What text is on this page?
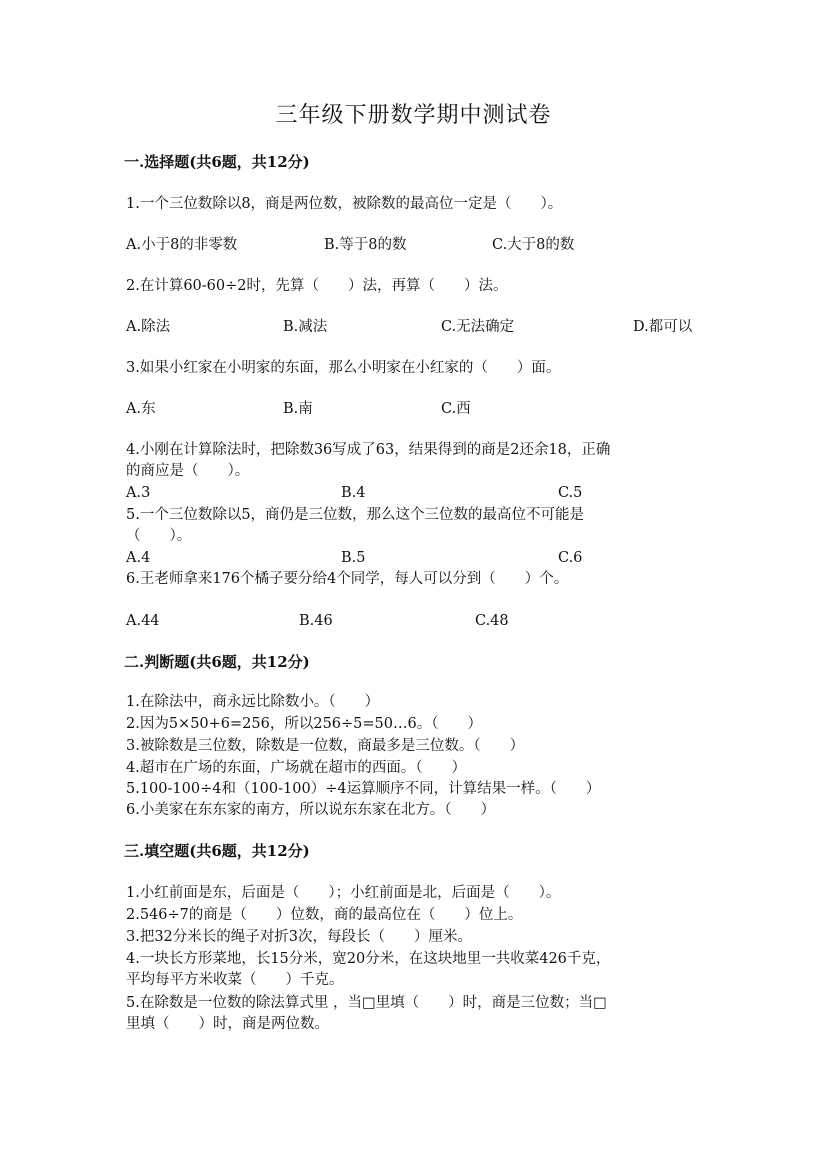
三年级下册数学期中测试卷
一.选择题(共6题，共12分)
1.一个三位数除以8，商是两位数，被除数的最高位一定是（　　）。
A.小于8的非零数	B.等于8的数	C.大于8的数
2.在计算60-60÷2时，先算（　　）法，再算（　　）法。
A.除法	B.减法	C.无法确定	D.都可以
3.如果小红家在小明家的东面，那么小明家在小红家的（　　）面。
A.东	B.南	C.西
4.小刚在计算除法时，把除数36写成了63，结果得到的商是2还余18，正确
的商应是（　　）。
A.3	B.4	C.5
5.一个三位数除以5，商仍是三位数，那么这个三位数的最高位不可能是
（　　）。
A.4	B.5	C.6
6.王老师拿来176个橘子要分给4个同学，每人可以分到（　　）个。
A.44	B.46	C.48
二.判断题(共6题，共12分)
1.在除法中，商永远比除数小。（　　）
2.因为5×50+6=256，所以256÷5=50…6。（　　）
3.被除数是三位数，除数是一位数，商最多是三位数。（　　）
4.超市在广场的东面，广场就在超市的西面。（　　）
5.100-100÷4和（100-100）÷4运算顺序不同，计算结果一样。（　　）
6.小美家在东东家的南方，所以说东东家在北方。（　　）
三.填空题(共6题，共12分)
1.小红前面是东，后面是（　　）；小红前面是北，后面是（　　）。
2.546÷7的商是（　　）位数，商的最高位在（　　）位上。
3.把32分米长的绳子对折3次，每段长（　　）厘米。
4.一块长方形菜地，长15分米，宽20分米，在这块地里一共收菜426千克，
平均每平方米收菜（　　）千克。
5.在除数是一位数的除法算式里 ，当□里填（　　）时，商是三位数；当□
里填（　　）时，商是两位数。
